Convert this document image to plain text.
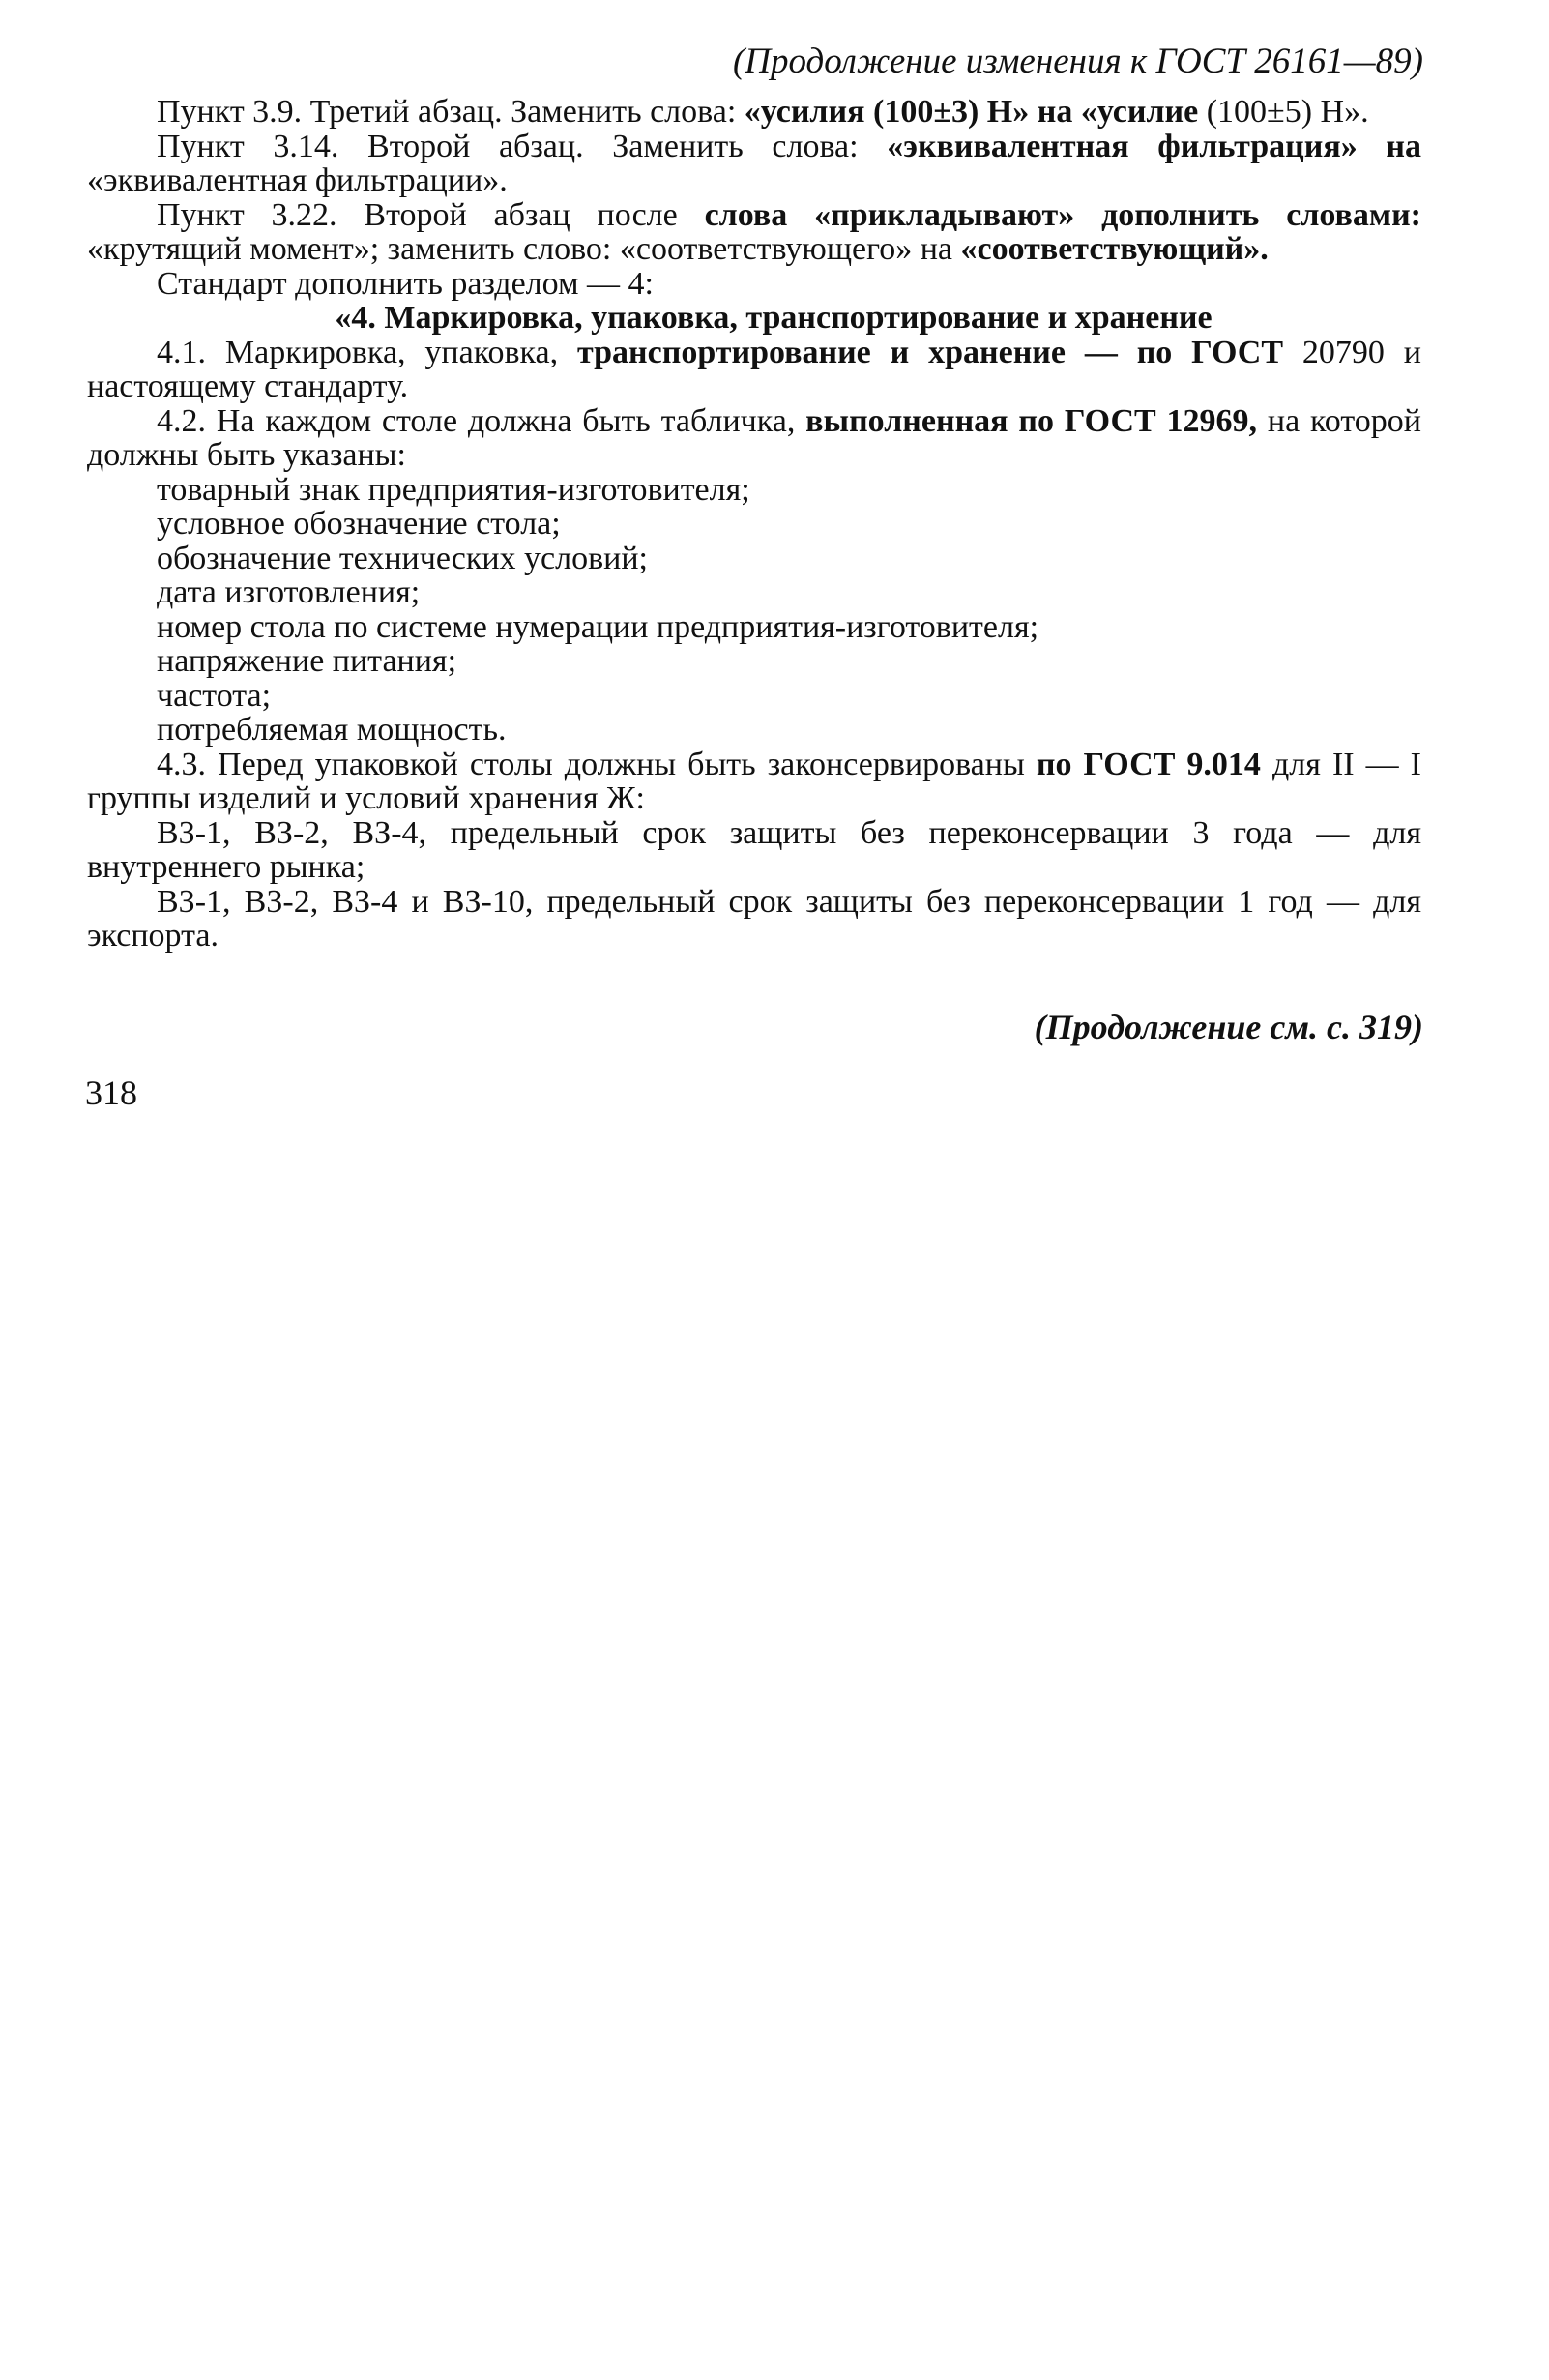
(Продолжение изменения к ГОСТ 26161—89)

Пункт 3.9. Третий абзац. Заменить слова: «усилия (100±3) Н» на «усилие (100±5) Н».

Пункт 3.14. Второй абзац. Заменить слова: «эквивалентная фильтрация» на «эквивалентная фильтрации».

Пункт 3.22. Второй абзац после слова «прикладывают» дополнить словами: «крутящий момент»; заменить слово: «соответствующего» на «соответствующий».

Стандарт дополнить разделом — 4:

«4. Маркировка, упаковка, транспортирование и хранение

4.1. Маркировка, упаковка, транспортирование и хранение — по ГОСТ 20790 и настоящему стандарту.

4.2. На каждом столе должна быть табличка, выполненная по ГОСТ 12969, на которой должны быть указаны:

товарный знак предприятия-изготовителя;

условное обозначение стола;

обозначение технических условий;

дата изготовления;

номер стола по системе нумерации предприятия-изготовителя;

напряжение питания;

частота;

потребляемая мощность.

4.3. Перед упаковкой столы должны быть законсервированы по ГОСТ 9.014 для II — I группы изделий и условий хранения Ж:

ВЗ-1, ВЗ-2, ВЗ-4, предельный срок защиты без переконсервации 3 года — для внутреннего рынка;

ВЗ-1, ВЗ-2, ВЗ-4 и ВЗ-10, предельный срок защиты без переконсервации 1 год — для экспорта.

(Продолжение см. с. 319)
318
